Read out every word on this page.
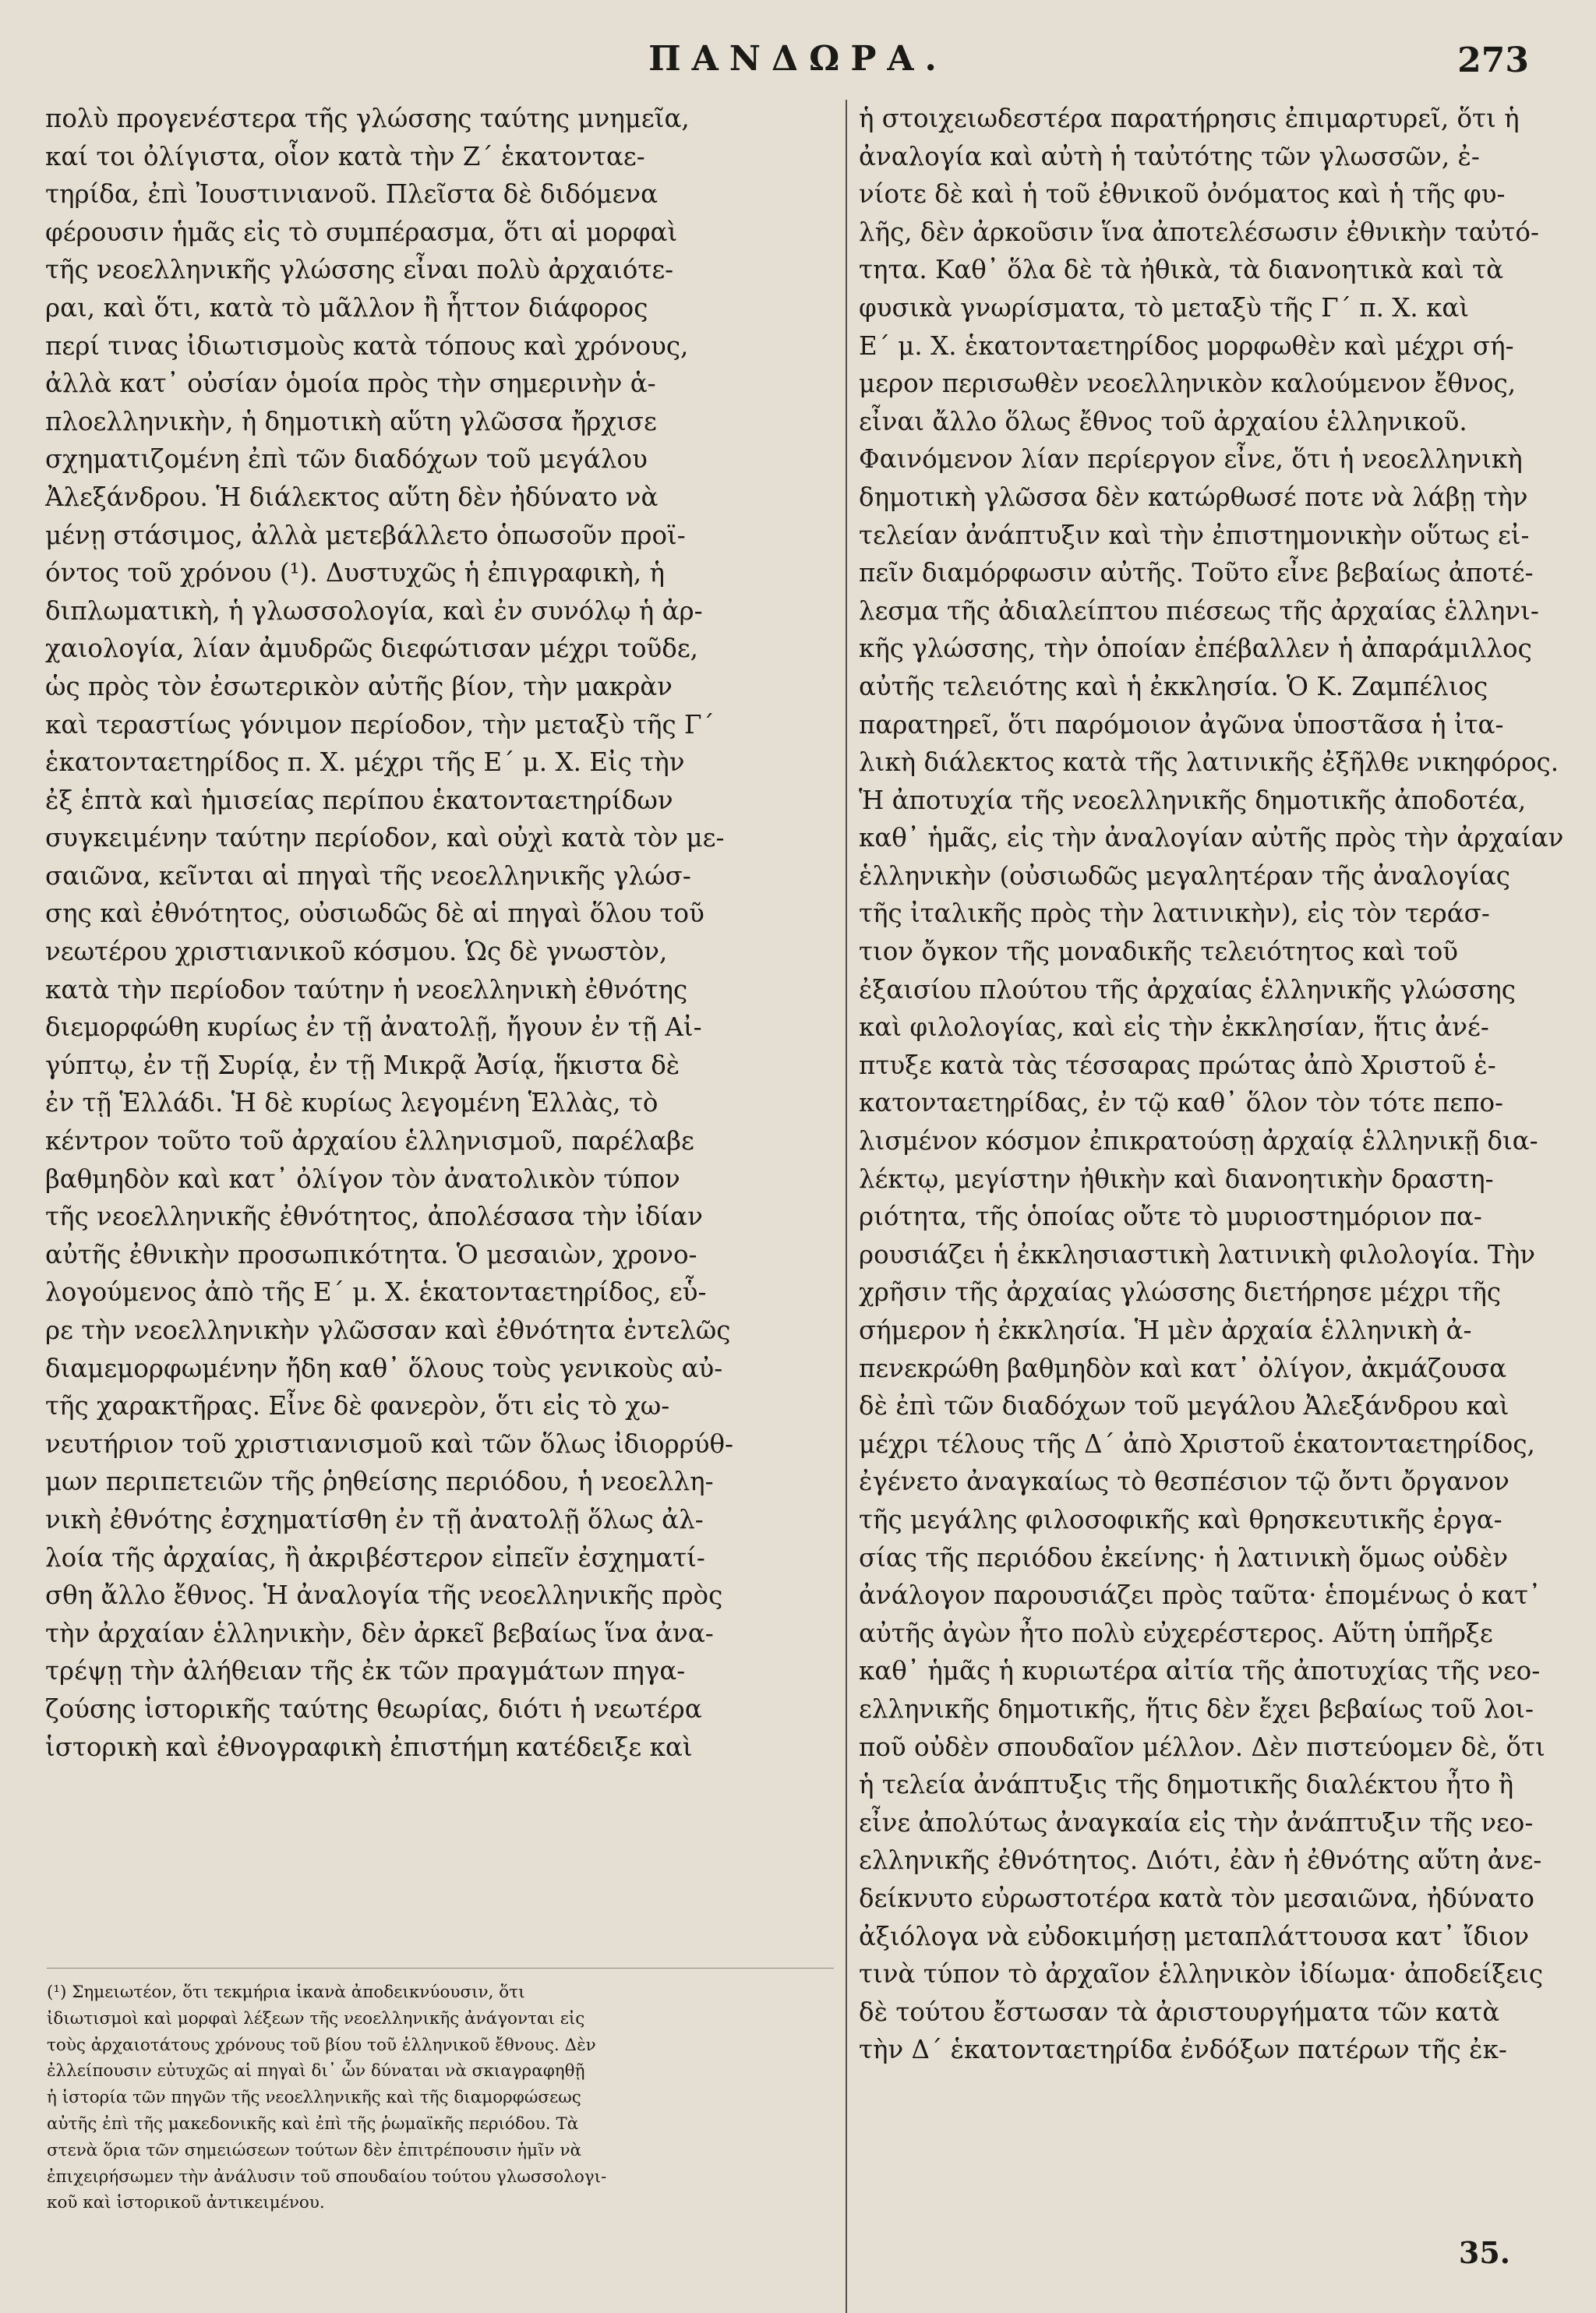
ΠΑΝΔΩΡΑ.	273
πολὺ προγενέστερα τῆς γλώσσης ταύτης μνημεῖα,
καί τοι ὀλίγιστα, οἷον κατὰ τὴν Ζ΄ ἑκατονταε-
τηρίδα, ἐπὶ Ἰουστινιανοῦ. Πλεῖστα δὲ διδόμενα
φέρουσιν ἡμᾶς εἰς τὸ συμπέρασμα, ὅτι αἱ μορφαὶ
τῆς νεοελληνικῆς γλώσσης εἶναι πολὺ ἀρχαιότε-
ραι, καὶ ὅτι, κατὰ τὸ μᾶλλον ἢ ἧττον διάφορος
περί τινας ἰδιωτισμοὺς κατὰ τόπους καὶ χρόνους,
ἀλλὰ κατ᾽ οὐσίαν ὁμοία πρὸς τὴν σημερινὴν ἁ-
πλοελληνικὴν, ἡ δημοτικὴ αὕτη γλῶσσα ἤρχισε
σχηματιζομένη ἐπὶ τῶν διαδόχων τοῦ μεγάλου
Ἀλεξάνδρου. Ἡ διάλεκτος αὕτη δὲν ἠδύνατο νὰ
μένῃ στάσιμος, ἀλλὰ μετεβάλλετο ὁπωσοῦν προϊ-
όντος τοῦ χρόνου (¹). Δυστυχῶς ἡ ἐπιγραφικὴ, ἡ
διπλωματικὴ, ἡ γλωσσολογία, καὶ ἐν συνόλῳ ἡ ἀρ-
χαιολογία, λίαν ἀμυδρῶς διεφώτισαν μέχρι τοῦδε,
ὡς πρὸς τὸν ἐσωτερικὸν αὐτῆς βίον, τὴν μακρὰν
καὶ τεραστίως γόνιμον περίοδον, τὴν μεταξὺ τῆς Γ΄
ἑκατονταετηρίδος π. Χ. μέχρι τῆς Ε΄ μ. Χ. Εἰς τὴν
ἐξ ἑπτὰ καὶ ἡμισείας περίπου ἑκατονταετηρίδων
συγκειμένην ταύτην περίοδον, καὶ οὐχὶ κατὰ τὸν με-
σαιῶνα, κεῖνται αἱ πηγαὶ τῆς νεοελληνικῆς γλώσ-
σης καὶ ἐθνότητος, οὐσιωδῶς δὲ αἱ πηγαὶ ὅλου τοῦ
νεωτέρου χριστιανικοῦ κόσμου. Ὡς δὲ γνωστὸν,
κατὰ τὴν περίοδον ταύτην ἡ νεοελληνικὴ ἐθνότης
διεμορφώθη κυρίως ἐν τῇ ἀνατολῇ, ἤγουν ἐν τῇ Αἰ-
γύπτῳ, ἐν τῇ Συρίᾳ, ἐν τῇ Μικρᾷ Ἀσίᾳ, ἥκιστα δὲ
ἐν τῇ Ἑλλάδι. Ἡ δὲ κυρίως λεγομένη Ἑλλὰς, τὸ
κέντρον τοῦτο τοῦ ἀρχαίου ἑλληνισμοῦ, παρέλαβε
βαθμηδὸν καὶ κατ᾽ ὀλίγον τὸν ἀνατολικὸν τύπον
τῆς νεοελληνικῆς ἐθνότητος, ἀπολέσασα τὴν ἰδίαν
αὐτῆς ἐθνικὴν προσωπικότητα. Ὁ μεσαιὼν, χρονο-
λογούμενος ἀπὸ τῆς Ε΄ μ. Χ. ἑκατονταετηρίδος, εὗ-
ρε τὴν νεοελληνικὴν γλῶσσαν καὶ ἐθνότητα ἐντελῶς
διαμεμορφωμένην ἤδη καθ᾽ ὅλους τοὺς γενικοὺς αὐ-
τῆς χαρακτῆρας. Εἶνε δὲ φανερὸν, ὅτι εἰς τὸ χω-
νευτήριον τοῦ χριστιανισμοῦ καὶ τῶν ὅλως ἰδιορρύθ-
μων περιπετειῶν τῆς ῥηθείσης περιόδου, ἡ νεοελλη-
νικὴ ἐθνότης ἐσχηματίσθη ἐν τῇ ἀνατολῇ ὅλως ἀλ-
λοία τῆς ἀρχαίας, ἢ ἀκριβέστερον εἰπεῖν ἐσχηματί-
σθη ἄλλο ἔθνος. Ἡ ἀναλογία τῆς νεοελληνικῆς πρὸς
τὴν ἀρχαίαν ἑλληνικὴν, δὲν ἀρκεῖ βεβαίως ἵνα ἀνα-
τρέψῃ τὴν ἀλήθειαν τῆς ἐκ τῶν πραγμάτων πηγα-
ζούσης ἱστορικῆς ταύτης θεωρίας, διότι ἡ νεωτέρα
ἱστορικὴ καὶ ἐθνογραφικὴ ἐπιστήμη κατέδειξε καὶ
ἡ στοιχειωδεστέρα παρατήρησις ἐπιμαρτυρεῖ, ὅτι ἡ
ἀναλογία καὶ αὐτὴ ἡ ταὐτότης τῶν γλωσσῶν, ἐ-
νίοτε δὲ καὶ ἡ τοῦ ἐθνικοῦ ὀνόματος καὶ ἡ τῆς φυ-
λῆς, δὲν ἀρκοῦσιν ἵνα ἀποτελέσωσιν ἐθνικὴν ταὐτό-
τητα. Καθ᾽ ὅλα δὲ τὰ ἠθικὰ, τὰ διανοητικὰ καὶ τὰ
φυσικὰ γνωρίσματα, τὸ μεταξὺ τῆς Γ΄ π. Χ. καὶ
Ε΄ μ. Χ. ἑκατονταετηρίδος μορφωθὲν καὶ μέχρι σή-
μερον περισωθὲν νεοελληνικὸν καλούμενον ἔθνος,
εἶναι ἄλλο ὅλως ἔθνος τοῦ ἀρχαίου ἑλληνικοῦ.
Φαινόμενον λίαν περίεργον εἶνε, ὅτι ἡ νεοελληνικὴ
δημοτικὴ γλῶσσα δὲν κατώρθωσέ ποτε νὰ λάβῃ τὴν
τελείαν ἀνάπτυξιν καὶ τὴν ἐπιστημονικὴν οὕτως εἰ-
πεῖν διαμόρφωσιν αὐτῆς. Τοῦτο εἶνε βεβαίως ἀποτέ-
λεσμα τῆς ἀδιαλείπτου πιέσεως τῆς ἀρχαίας ἑλληνι-
κῆς γλώσσης, τὴν ὁποίαν ἐπέβαλλεν ἡ ἀπαράμιλλος
αὐτῆς τελειότης καὶ ἡ ἐκκλησία. Ὁ Κ. Ζαμπέλιος
παρατηρεῖ, ὅτι παρόμοιον ἀγῶνα ὑποστᾶσα ἡ ἰτα-
λικὴ διάλεκτος κατὰ τῆς λατινικῆς ἐξῆλθε νικηφόρος.
Ἡ ἀποτυχία τῆς νεοελληνικῆς δημοτικῆς ἀποδοτέα,
καθ᾽ ἡμᾶς, εἰς τὴν ἀναλογίαν αὐτῆς πρὸς τὴν ἀρχαίαν
ἑλληνικὴν (οὐσιωδῶς μεγαλητέραν τῆς ἀναλογίας
τῆς ἰταλικῆς πρὸς τὴν λατινικὴν), εἰς τὸν τεράσ-
τιον ὄγκον τῆς μοναδικῆς τελειότητος καὶ τοῦ
ἐξαισίου πλούτου τῆς ἀρχαίας ἑλληνικῆς γλώσσης
καὶ φιλολογίας, καὶ εἰς τὴν ἐκκλησίαν, ἥτις ἀνέ-
πτυξε κατὰ τὰς τέσσαρας πρώτας ἀπὸ Χριστοῦ ἑ-
κατονταετηρίδας, ἐν τῷ καθ᾽ ὅλον τὸν τότε πεπο-
λισμένον κόσμον ἐπικρατούσῃ ἀρχαίᾳ ἑλληνικῇ δια-
λέκτῳ, μεγίστην ἠθικὴν καὶ διανοητικὴν δραστη-
ριότητα, τῆς ὁποίας οὔτε τὸ μυριοστημόριον πα-
ρουσιάζει ἡ ἐκκλησιαστικὴ λατινικὴ φιλολογία. Τὴν
χρῆσιν τῆς ἀρχαίας γλώσσης διετήρησε μέχρι τῆς
σήμερον ἡ ἐκκλησία. Ἡ μὲν ἀρχαία ἑλληνικὴ ἀ-
πενεκρώθη βαθμηδὸν καὶ κατ᾽ ὀλίγον, ἀκμάζουσα
δὲ ἐπὶ τῶν διαδόχων τοῦ μεγάλου Ἀλεξάνδρου καὶ
μέχρι τέλους τῆς Δ΄ ἀπὸ Χριστοῦ ἑκατονταετηρίδος,
ἐγένετο ἀναγκαίως τὸ θεσπέσιον τῷ ὄντι ὄργανον
τῆς μεγάλης φιλοσοφικῆς καὶ θρησκευτικῆς ἐργα-
σίας τῆς περιόδου ἐκείνης· ἡ λατινικὴ ὅμως οὐδὲν
ἀνάλογον παρουσιάζει πρὸς ταῦτα· ἑπομένως ὁ κατ᾽
αὐτῆς ἀγὼν ἦτο πολὺ εὐχερέστερος. Αὕτη ὑπῆρξε
καθ᾽ ἡμᾶς ἡ κυριωτέρα αἰτία τῆς ἀποτυχίας τῆς νεο-
ελληνικῆς δημοτικῆς, ἥτις δὲν ἔχει βεβαίως τοῦ λοι-
ποῦ οὐδὲν σπουδαῖον μέλλον. Δὲν πιστεύομεν δὲ, ὅτι
ἡ τελεία ἀνάπτυξις τῆς δημοτικῆς διαλέκτου ἦτο ἢ
εἶνε ἀπολύτως ἀναγκαία εἰς τὴν ἀνάπτυξιν τῆς νεο-
ελληνικῆς ἐθνότητος. Διότι, ἐὰν ἡ ἐθνότης αὕτη ἀνε-
δείκνυτο εὐρωστοτέρα κατὰ τὸν μεσαιῶνα, ἠδύνατο
ἀξιόλογα νὰ εὐδοκιμήσῃ μεταπλάττουσα κατ᾽ ἴδιον
τινὰ τύπον τὸ ἀρχαῖον ἑλληνικὸν ἰδίωμα· ἀποδείξεις
δὲ τούτου ἔστωσαν τὰ ἀριστουργήματα τῶν κατὰ
τὴν Δ΄ ἑκατονταετηρίδα ἐνδόξων πατέρων τῆς ἐκ-
(¹) Σημειωτέον, ὅτι τεκμήρια ἱκανὰ ἀποδεικνύουσιν, ὅτι
ἰδιωτισμοὶ καὶ μορφαὶ λέξεων τῆς νεοελληνικῆς ἀνάγονται εἰς
τοὺς ἀρχαιοτάτους χρόνους τοῦ βίου τοῦ ἑλληνικοῦ ἔθνους. Δὲν
ἐλλείπουσιν εὐτυχῶς αἱ πηγαὶ δι᾽ ὧν δύναται νὰ σκιαγραφηθῇ
ἡ ἱστορία τῶν πηγῶν τῆς νεοελληνικῆς καὶ τῆς διαμορφώσεως
αὐτῆς ἐπὶ τῆς μακεδονικῆς καὶ ἐπὶ τῆς ῥωμαϊκῆς περιόδου. Τὰ
στενὰ ὅρια τῶν σημειώσεων τούτων δὲν ἐπιτρέπουσιν ἡμῖν νὰ
ἐπιχειρήσωμεν τὴν ἀνάλυσιν τοῦ σπουδαίου τούτου γλωσσολογι-
κοῦ καὶ ἱστορικοῦ ἀντικειμένου.
35.
